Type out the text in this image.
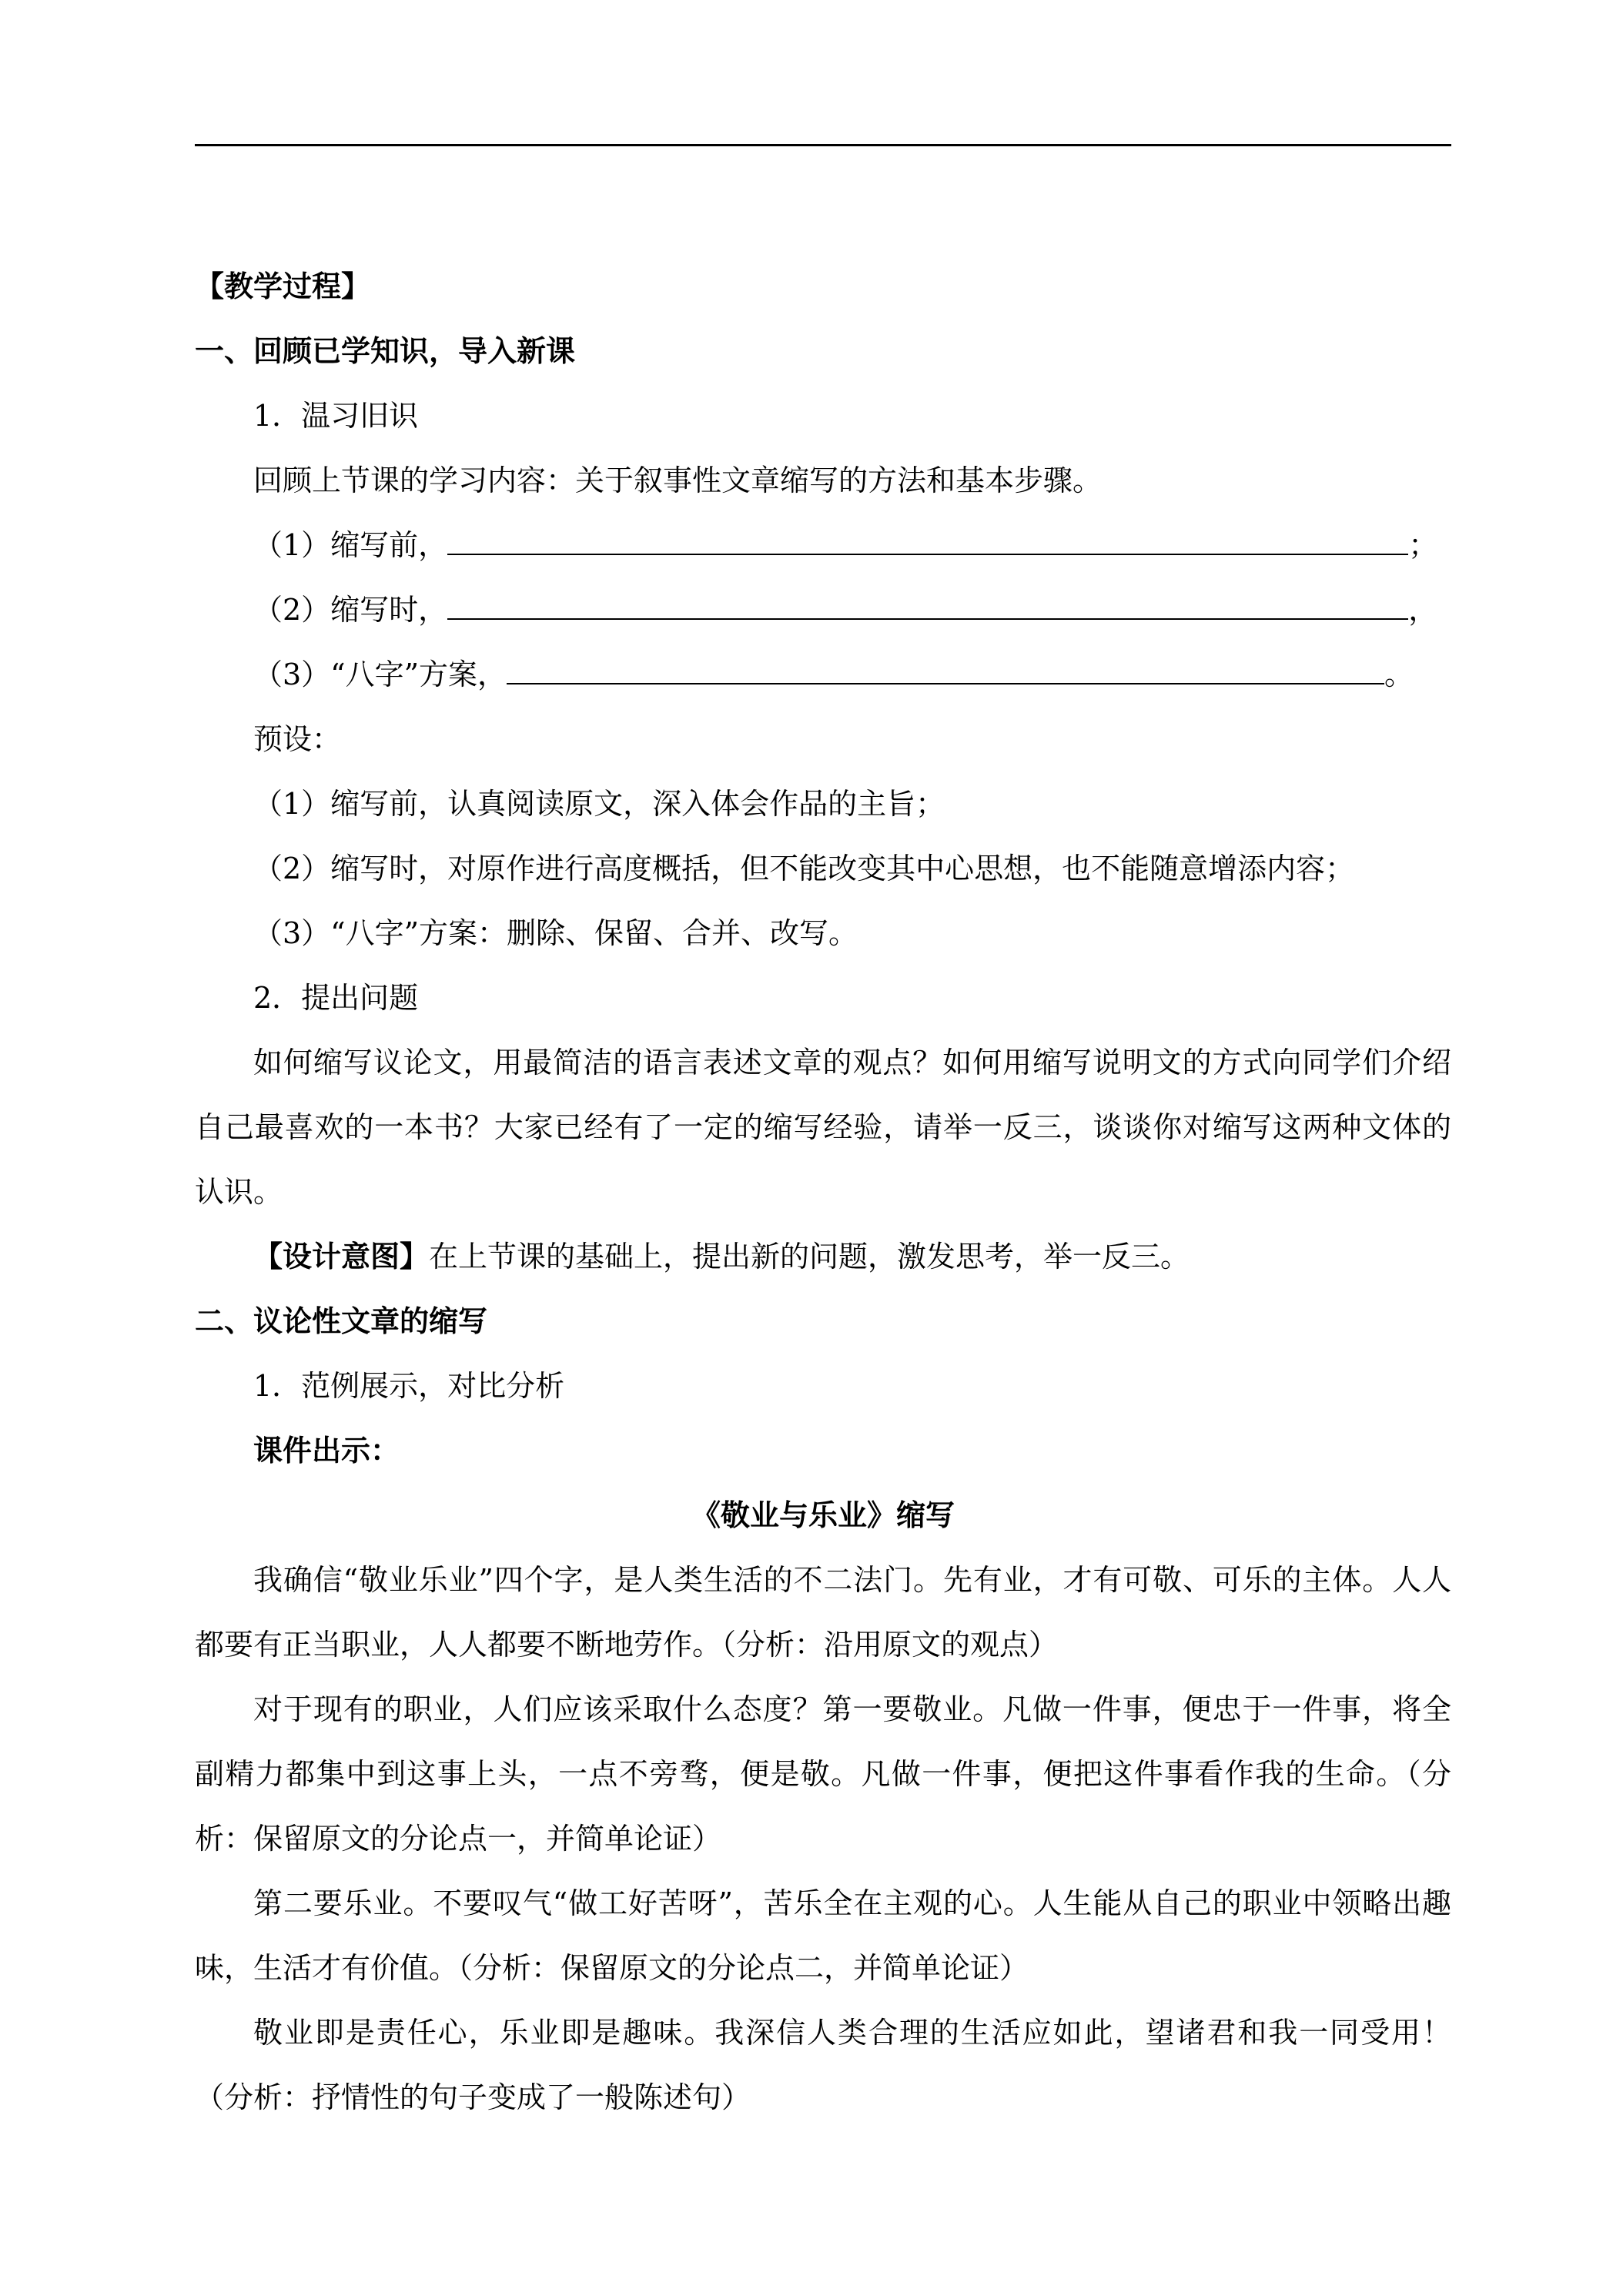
【教学过程】
一、回顾已学知识，导入新课
1．温习旧识
回顾上节课的学习内容：关于叙事性文章缩写的方法和基本步骤。
（1）缩写前，	；
（2）缩写时，	，
（3）“八字”方案，	。
预设：
（1）缩写前，认真阅读原文，深入体会作品的主旨；
（2）缩写时，对原作进行高度概括，但不能改变其中心思想，也不能随意增添内容；
（3）“八字”方案：删除、保留、合并、改写。
2．提出问题
如何缩写议论文，用最简洁的语言表述文章的观点？如何用缩写说明文的方式向同学们介绍自己最喜欢的一本书？大家已经有了一定的缩写经验，请举一反三，谈谈你对缩写这两种文体的认识。
【设计意图】在上节课的基础上，提出新的问题，激发思考，举一反三。
二、议论性文章的缩写
1．范例展示，对比分析
课件出示：
《敬业与乐业》缩写
我确信“敬业乐业”四个字，是人类生活的不二法门。先有业，才有可敬、可乐的主体。人人都要有正当职业，人人都要不断地劳作。（分析：沿用原文的观点）
对于现有的职业，人们应该采取什么态度？第一要敬业。凡做一件事，便忠于一件事，将全副精力都集中到这事上头，一点不旁骛，便是敬。凡做一件事，便把这件事看作我的生命。（分析：保留原文的分论点一，并简单论证）
第二要乐业。不要叹气“做工好苦呀”，苦乐全在主观的心。人生能从自己的职业中领略出趣味，生活才有价值。（分析：保留原文的分论点二，并简单论证）
敬业即是责任心，乐业即是趣味。我深信人类合理的生活应如此，望诸君和我一同受用！（分析：抒情性的句子变成了一般陈述句）
